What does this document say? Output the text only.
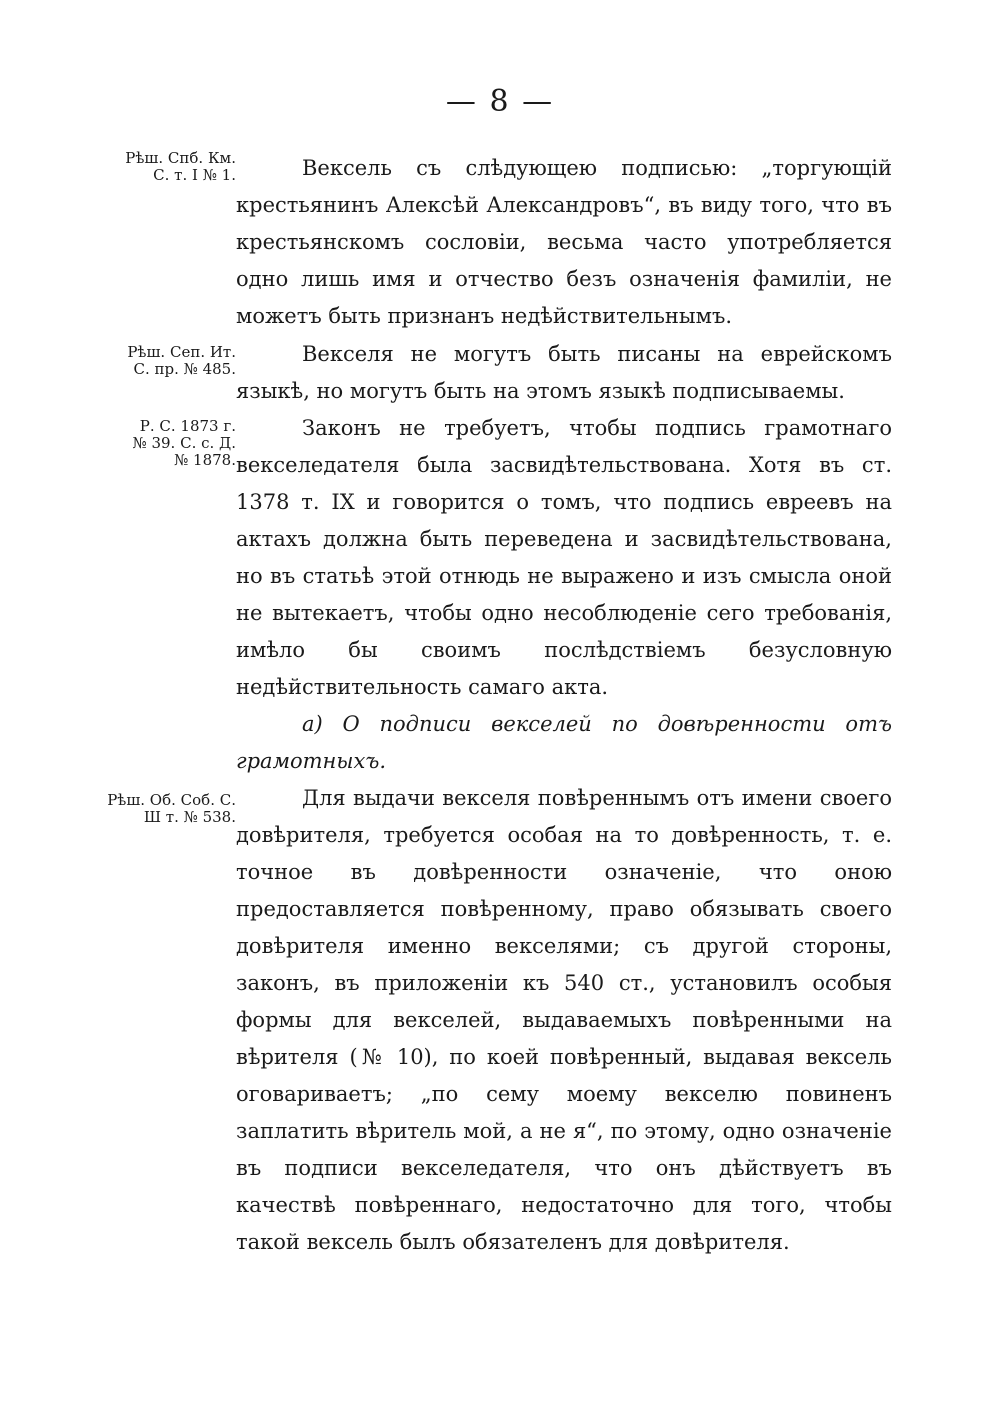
— 8 —
Рѣш. Спб. Км.
С. т. I № 1.	Вексель съ слѣдующею подписью: „торгующій крестьянинъ Алексѣй Александровъ“, въ виду того, что въ крестьянскомъ сословіи, весьма часто употребляется одно лишь имя и отчество безъ означенія фамиліи, не можетъ быть признанъ недѣйствительнымъ.

Рѣш. Сеп. Ит.
С. пр. № 485.

Векселя не могутъ быть писаны на еврейскомъ языкѣ, но могутъ быть на этомъ языкѣ подписываемы.

Р. С. 1873 г.
№ 39. С. с. Д.
№ 1878.

Законъ не требуетъ, чтобы подпись грамотнаго векселедателя была засвидѣтельствована. Хотя въ ст. 1378 т. IX и говорится о томъ, что подпись евреевъ на актахъ должна быть переведена и засвидѣтельствована, но въ статьѣ этой отнюдь не выражено и изъ смысла оной не вытекаетъ, чтобы одно несоблюденіе сего требованія, имѣло бы своимъ послѣдствіемъ безусловную недѣйствительность самаго акта.

а) О подписи векселей по довѣренности отъ грамотныхъ.

Рѣш. Об. Соб. С.
Ш т. № 538.

Для выдачи векселя повѣреннымъ отъ имени своего довѣрителя, требуется особая на то довѣренность, т. е. точное въ довѣренности означеніе, что оною предоставляется повѣренному, право обязывать своего довѣрителя именно векселями; съ другой стороны, законъ, въ приложеніи къ 540 ст., установилъ особыя формы для векселей, выдаваемыхъ повѣренными на вѣрителя (№ 10), по коей повѣренный, выдавая вексель оговариваетъ; „по сему моему векселю повиненъ заплатить вѣритель мой, а не я“, по этому, одно означеніе въ подписи векселедателя, что онъ дѣйствуетъ въ качествѣ повѣреннаго, недостаточно для того, чтобы такой вексель былъ обязателенъ для довѣрителя.
